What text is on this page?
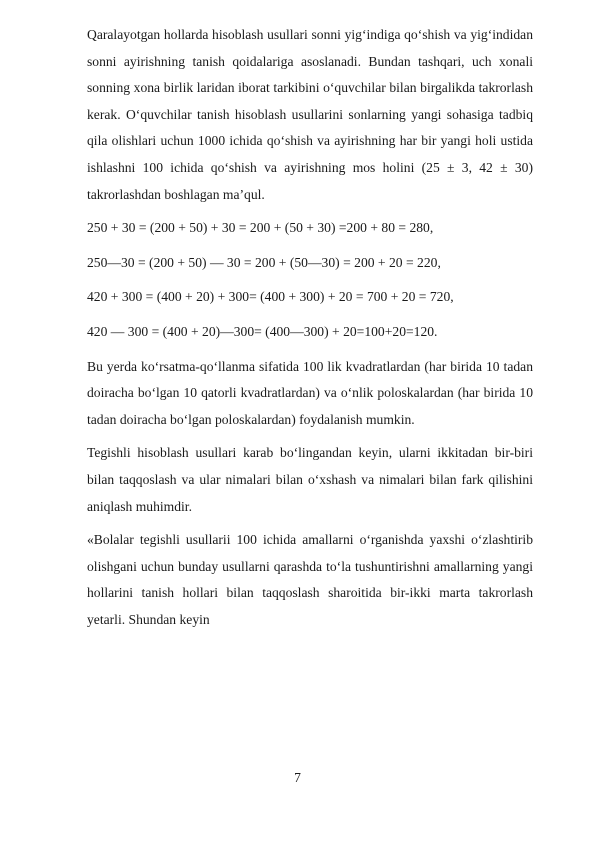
Qaralayotgan hollarda hisoblash usullari sonni yig‘indiga qo‘shish va yig‘indidan sonni ayirishning tanish qoidalariga asoslanadi. Bundan tashqari, uch xonali sonning xona birlik laridan iborat tarkibini o‘quvchilar bilan birgalikda takrorlash kerak. O‘quvchilar tanish hisoblash usullarini sonlarning yangi sohasiga tadbiq qila olishlari uchun 1000 ichida qo‘shish va ayirishning har bir yangi holi ustida ishlashni 100 ichida qo‘shish va ayirishning mos holini (25 ± 3, 42 ± 30) takrorlashdan boshlagan ma’qul.

250 + 30 = (200 + 50) + 30 = 200 + (50 + 30) =200 + 80 = 280,

250—30 = (200 + 50) — 30 = 200 + (50—30) = 200 + 20 = 220,

420 + 300 = (400 + 20) + 300= (400 + 300) + 20 = 700 + 20 = 720,

420 — 300 = (400 + 20)—300= (400—300) + 20=100+20=120.

Bu yerda ko‘rsatma-qo‘llanma sifatida 100 lik kvadratlardan (har birida 10 tadan doiracha bo‘lgan 10 qatorli kvadratlardan) va o‘nlik poloskalardan (har birida 10 tadan doiracha bo‘lgan poloskalardan) foydalanish mumkin.

Tegishli hisoblash usullari karab bo‘lingandan keyin, ularni ikkitadan bir-biri bilan taqqoslash va ular nimalari bilan o‘xshash va nimalari bilan fark qilishini aniqlash muhimdir.

«Bolalar tegishli usullarii 100 ichida amallarni o‘rganishda yaxshi o‘zlashtirib olishgani uchun bunday usullarni qarashda to‘la tushuntirishni amallarning yangi hollarini tanish hollari bilan taqqoslash sharoitida bir-ikki marta takrorlash yetarli. Shundan keyin

7
